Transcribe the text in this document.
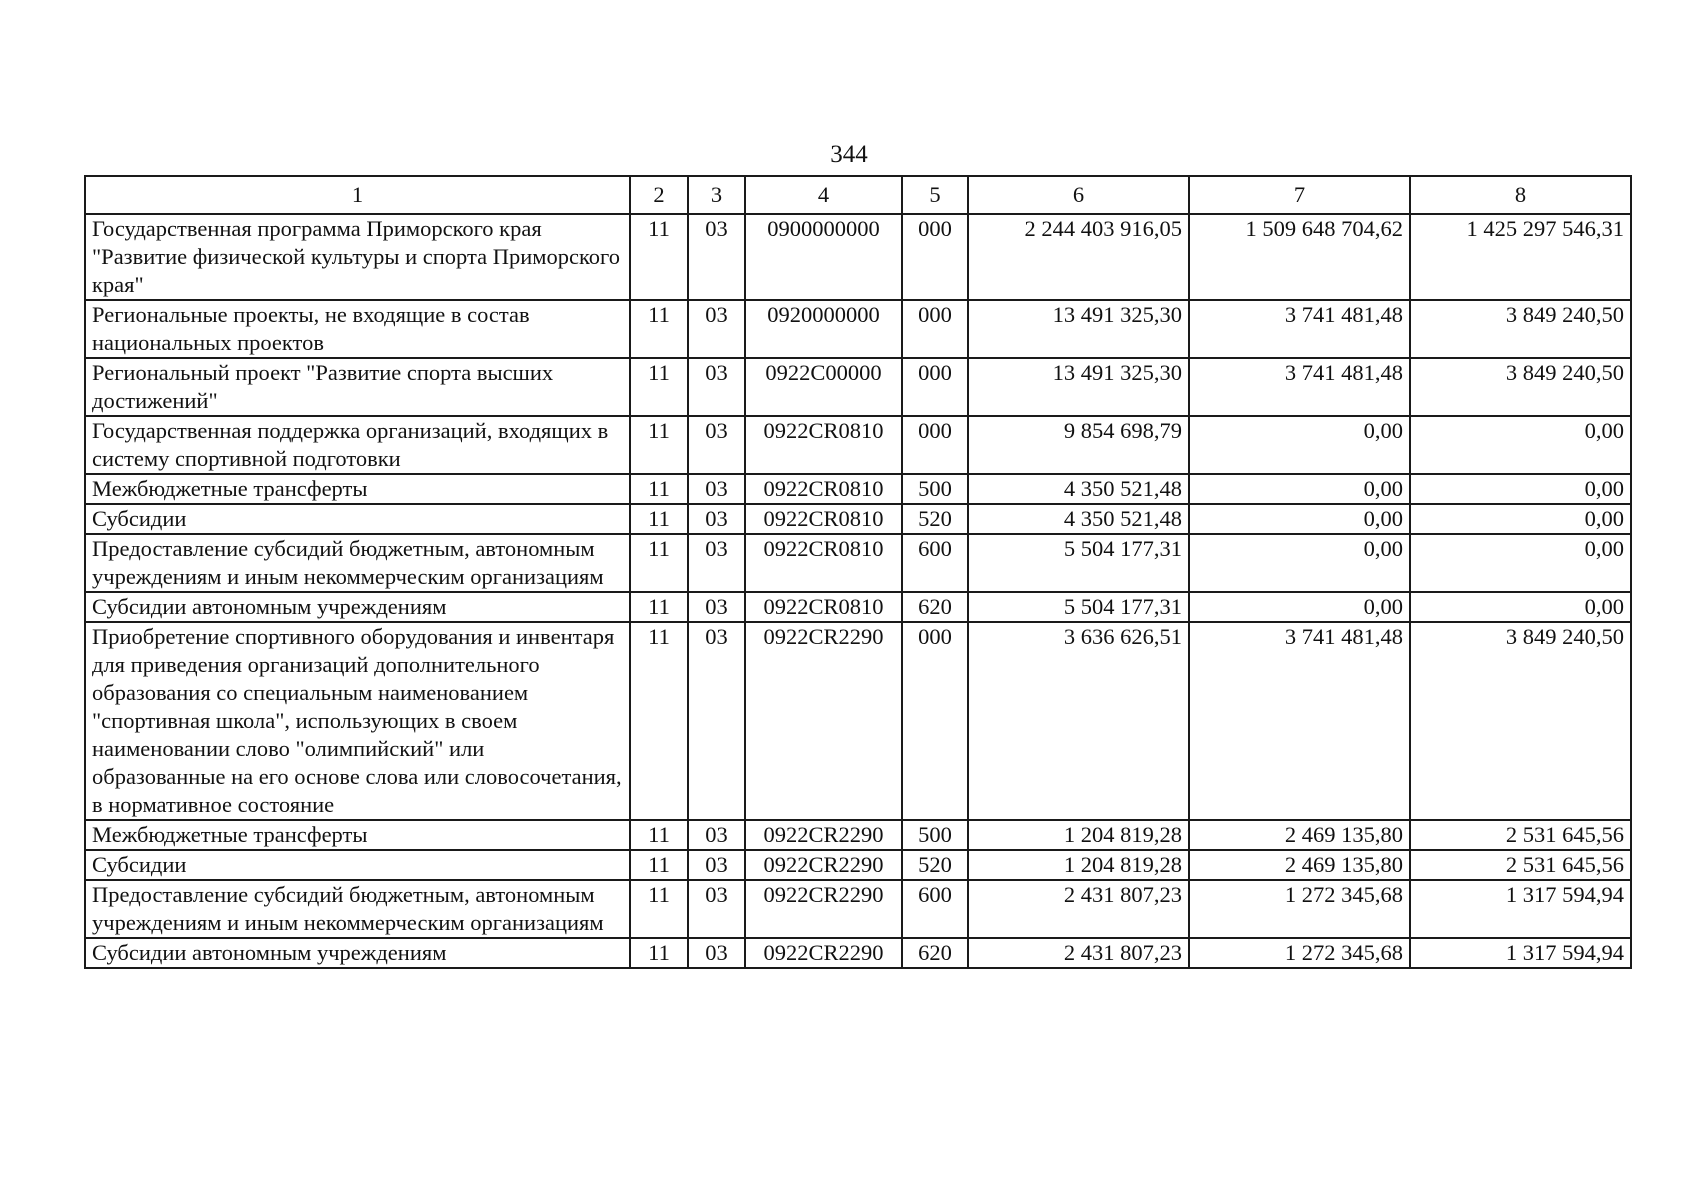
344
1	2	3	4	5	6	7	8
Государственная программа Приморского края "Развитие физической культуры и спорта Приморского края"	11	03	0900000000	000	2 244 403 916,05	1 509 648 704,62	1 425 297 546,31
Региональные проекты, не входящие в состав национальных проектов	11	03	0920000000	000	13 491 325,30	3 741 481,48	3 849 240,50
Региональный проект "Развитие спорта высших достижений"	11	03	0922C00000	000	13 491 325,30	3 741 481,48	3 849 240,50
Государственная поддержка организаций, входящих в систему спортивной подготовки	11	03	0922CR0810	000	9 854 698,79	0,00	0,00
Межбюджетные трансферты	11	03	0922CR0810	500	4 350 521,48	0,00	0,00
Субсидии	11	03	0922CR0810	520	4 350 521,48	0,00	0,00
Предоставление субсидий бюджетным, автономным учреждениям и иным некоммерческим организациям	11	03	0922CR0810	600	5 504 177,31	0,00	0,00
Субсидии автономным учреждениям	11	03	0922CR0810	620	5 504 177,31	0,00	0,00
Приобретение спортивного оборудования и инвентаря для приведения организаций дополнительного образования со специальным наименованием "спортивная школа", использующих в своем наименовании слово "олимпийский" или образованные на его основе слова или словосочетания, в нормативное состояние	11	03	0922CR2290	000	3 636 626,51	3 741 481,48	3 849 240,50
Межбюджетные трансферты	11	03	0922CR2290	500	1 204 819,28	2 469 135,80	2 531 645,56
Субсидии	11	03	0922CR2290	520	1 204 819,28	2 469 135,80	2 531 645,56
Предоставление субсидий бюджетным, автономным учреждениям и иным некоммерческим организациям	11	03	0922CR2290	600	2 431 807,23	1 272 345,68	1 317 594,94
Субсидии автономным учреждениям	11	03	0922CR2290	620	2 431 807,23	1 272 345,68	1 317 594,94
